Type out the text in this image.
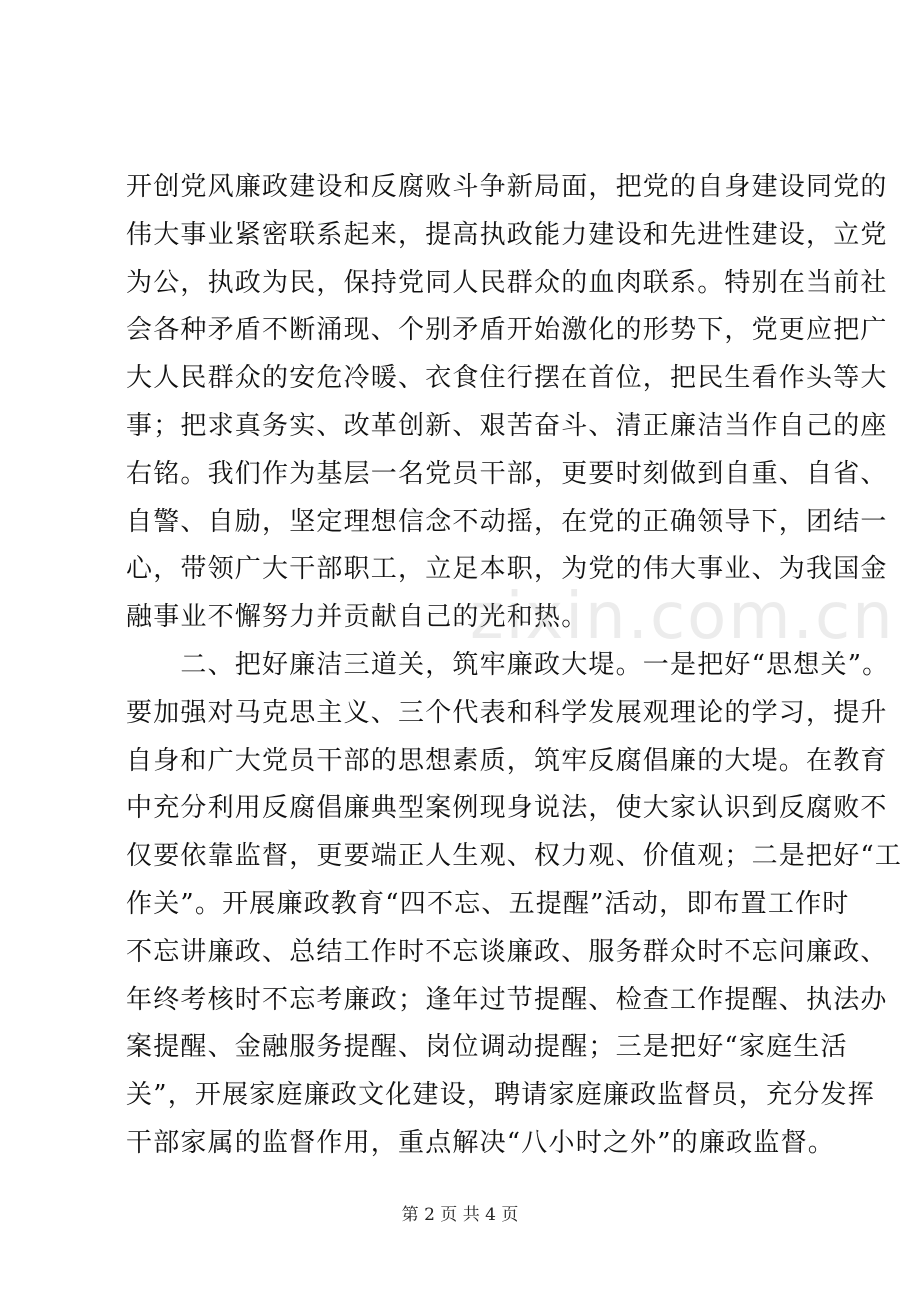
开创党风廉政建设和反腐败斗争新局面，把党的自身建设同党的
伟大事业紧密联系起来，提高执政能力建设和先进性建设，立党
为公，执政为民，保持党同人民群众的血肉联系。特别在当前社
会各种矛盾不断涌现、个别矛盾开始激化的形势下，党更应把广
大人民群众的安危冷暖、衣食住行摆在首位，把民生看作头等大
事；把求真务实、改革创新、艰苦奋斗、清正廉洁当作自己的座
右铭。我们作为基层一名党员干部，更要时刻做到自重、自省、
自警、自励，坚定理想信念不动摇，在党的正确领导下，团结一
心，带领广大干部职工，立足本职，为党的伟大事业、为我国金
融事业不懈努力并贡献自己的光和热。
　　二、把好廉洁三道关，筑牢廉政大堤。一是把好“思想关”。
要加强对马克思主义、三个代表和科学发展观理论的学习，提升
自身和广大党员干部的思想素质，筑牢反腐倡廉的大堤。在教育
中充分利用反腐倡廉典型案例现身说法，使大家认识到反腐败不
仅要依靠监督，更要端正人生观、权力观、价值观；二是把好“工
作关”。开展廉政教育“四不忘、五提醒”活动，即布置工作时
不忘讲廉政、总结工作时不忘谈廉政、服务群众时不忘问廉政、
年终考核时不忘考廉政；逢年过节提醒、检查工作提醒、执法办
案提醒、金融服务提醒、岗位调动提醒；三是把好“家庭生活
关”，开展家庭廉政文化建设，聘请家庭廉政监督员，充分发挥
干部家属的监督作用，重点解决“八小时之外”的廉政监督。
zixin.com.cn
第 2 页 共 4 页
